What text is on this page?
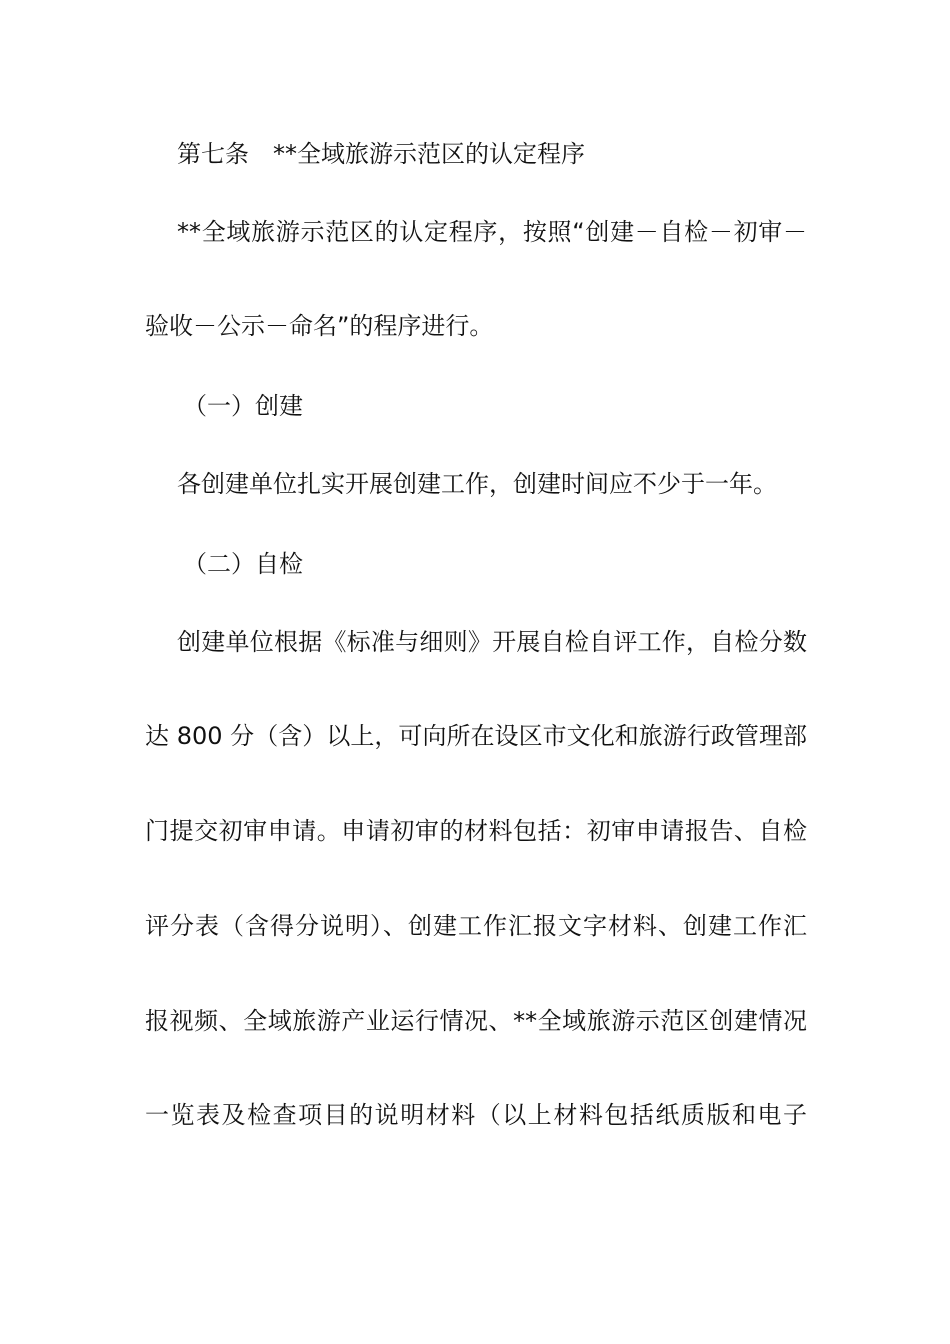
第七条　**全域旅游示范区的认定程序
**全域旅游示范区的认定程序，按照“创建－自检－初审－
验收－公示－命名”的程序进行。
（一）创建
各创建单位扎实开展创建工作，创建时间应不少于一年。
（二）自检
创建单位根据《标准与细则》开展自检自评工作，自检分数
达 800 分（含）以上，可向所在设区市文化和旅游行政管理部
门提交初审申请。申请初审的材料包括：初审申请报告、自检
评分表（含得分说明）、创建工作汇报文字材料、创建工作汇
报视频、全域旅游产业运行情况、**全域旅游示范区创建情况
一览表及检查项目的说明材料（以上材料包括纸质版和电子
